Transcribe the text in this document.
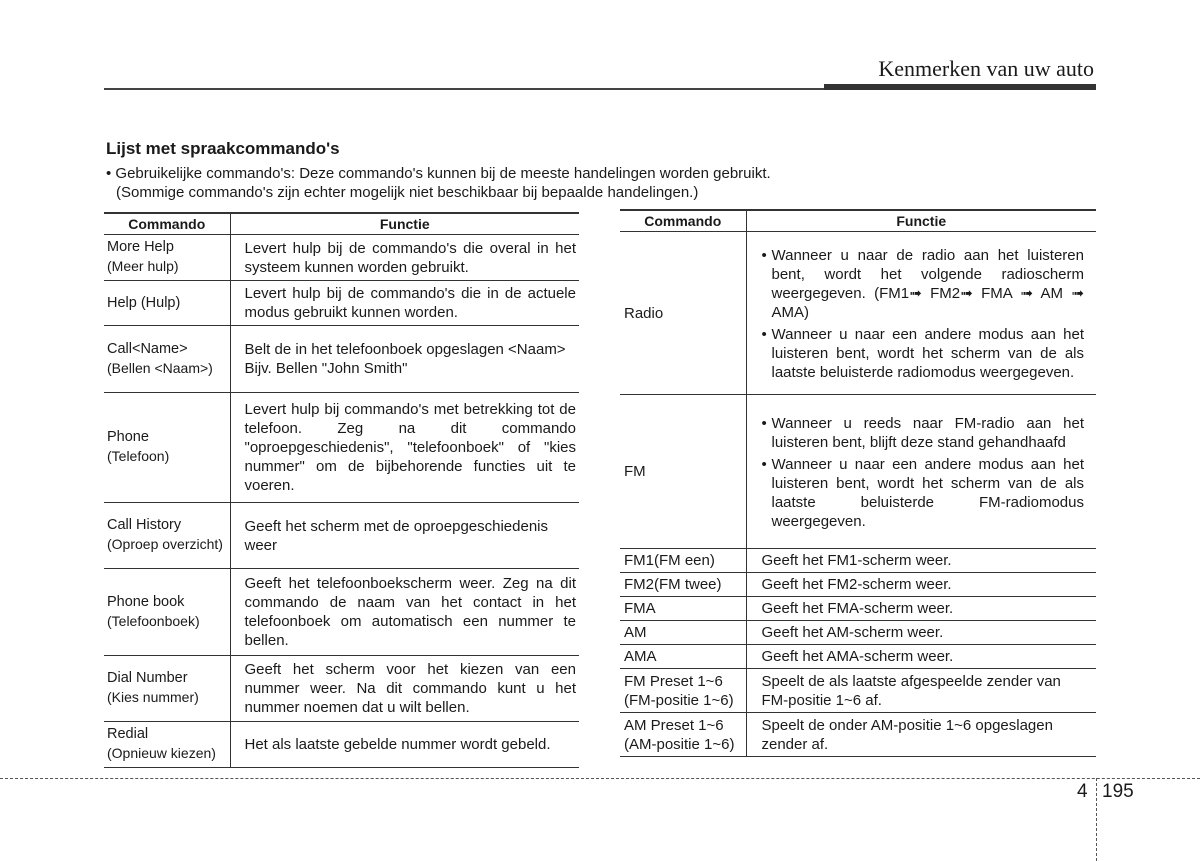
Kenmerken van uw auto
Lijst met spraakcommando's
• Gebruikelijke commando's: Deze commando's kunnen bij de meeste handelingen worden gebruikt.
(Sommige commando's zijn echter mogelijk niet beschikbaar bij bepaalde handelingen.)
Commando	Functie
More Help
(Meer hulp)	Levert hulp bij de commando's die overal in het systeem kunnen worden gebruikt.
Help (Hulp)	Levert hulp bij de commando's die in de actuele modus gebruikt kunnen worden.
Call<Name>
(Bellen <Naam>)	Belt de in het telefoonboek opgeslagen <Naam>
Bijv. Bellen "John Smith"
Phone
(Telefoon)	Levert hulp bij commando's met betrekking tot de telefoon. Zeg na dit commando "oproepgeschiedenis", "telefoonboek" of "kies nummer" om de bijbehorende functies uit te voeren.
Call History
(Oproep overzicht)	Geeft het scherm met de oproepgeschiedenis weer
Phone book
(Telefoonboek)	Geeft het telefoonboekscherm weer. Zeg na dit commando de naam van het contact in het telefoonboek om automatisch een nummer te bellen.
Dial Number
(Kies nummer)	Geeft het scherm voor het kiezen van een nummer weer. Na dit commando kunt u het nummer noemen dat u wilt bellen.
Redial
(Opnieuw kiezen)	Het als laatste gebelde nummer wordt gebeld.
Commando	Functie
Radio	• Wanneer u naar de radio aan het luisteren bent, wordt het volgende radioscherm weergegeven. (FM1➟ FM2➟ FMA ➟ AM ➟ AMA)
• Wanneer u naar een andere modus aan het luisteren bent, wordt het scherm van de als laatste beluisterde radiomodus weergegeven.

FM	• Wanneer u reeds naar FM-radio aan het luisteren bent, blijft deze stand gehandhaafd
• Wanneer u naar een andere modus aan het luisteren bent, wordt het scherm van de als laatste beluisterde FM-radiomodus weergegeven.

FM1(FM een)	Geeft het FM1-scherm weer.
FM2(FM twee)	Geeft het FM2-scherm weer.
FMA	Geeft het FMA-scherm weer.
AM	Geeft het AM-scherm weer.
AMA	Geeft het AMA-scherm weer.
FM Preset 1~6
(FM-positie 1~6)	Speelt de als laatste afgespeelde zender van FM-positie 1~6 af.
AM Preset 1~6
(AM-positie 1~6)	Speelt de onder AM-positie 1~6 opgeslagen zender af.
4 195
